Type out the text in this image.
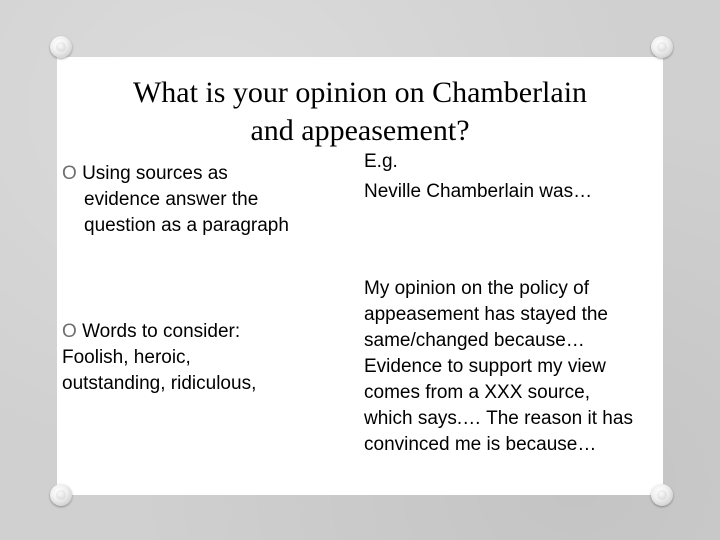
What is your opinion on Chamberlain
and appeasement?
O Using sources as
evidence answer the
question as a paragraph
O Words to consider:
Foolish, heroic,
outstanding, ridiculous,
E.g.
Neville Chamberlain was…
My opinion on the policy of
appeasement has stayed the
same/changed because…
Evidence to support my view
comes from a XXX source,
which says.… The reason it has
convinced me is because…
